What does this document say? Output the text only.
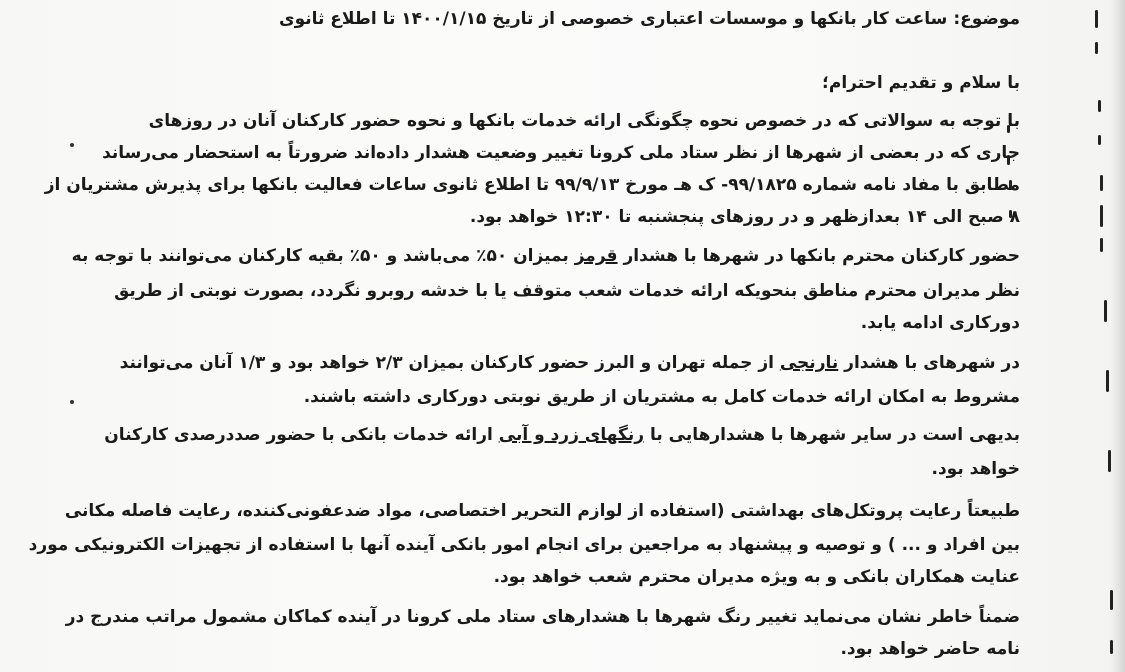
موضوع: ساعت کار بانکها و موسسات اعتباری خصوصی از تاریخ ۱۴۰۰/۱/۱۵ تا اطلاع ثانوی
با سلام و تقدیم احترام؛
با توجه به سوالاتی که در خصوص نحوه چگونگی ارائه خدمات بانکها و نحوه حضور کارکنان آنان در روزهای
جاری که در بعضی از شهرها از نظر ستاد ملی کرونا تغییر وضعیت هشدار داده‌اند ضرورتاً به استحضار می‌رساند
مطابق با مفاد نامه شماره ۹۹/۱۸۲۵- ک هـ مورخ ۹۹/۹/۱۳ تا اطلاع ثانوی ساعات فعالیت بانکها برای پذیرش مشتریان از
۸ صبح الی ۱۴ بعدازظهر و در روزهای پنجشنبه تا ۱۲:۳۰ خواهد بود.
حضور کارکنان محترم بانکها در شهرها با هشدار قرمز بمیزان ۵۰٪ می‌باشد و ۵۰٪ بقیه کارکنان می‌توانند با توجه به
نظر مدیران محترم مناطق بنحویکه ارائه خدمات شعب متوقف یا با خدشه روبرو نگردد، بصورت نوبتی از طریق
دورکاری ادامه یابد.
در شهرهای با هشدار نارنجی از جمله تهران و البرز حضور کارکنان بمیزان ۲/۳ خواهد بود و ۱/۳ آنان می‌توانند
مشروط به امکان ارائه خدمات کامل به مشتریان از طریق نوبتی دورکاری داشته باشند.
بدیهی است در سایر شهرها با هشدارهایی با رنگهای زرد و آبی ارائه خدمات بانکی با حضور صددرصدی کارکنان
خواهد بود.
طبیعتاً رعایت پروتکل‌های بهداشتی (استفاده از لوازم التحریر اختصاصی، مواد ضدعفونی‌کننده، رعایت فاصله مکانی
بین افراد و ... ) و توصیه و پیشنهاد به مراجعین برای انجام امور بانکی آینده آنها با استفاده از تجهیزات الکترونیکی مورد
عنایت همکاران بانکی و به ویژه مدیران محترم شعب خواهد بود.
ضمناً خاطر نشان می‌نماید تغییر رنگ شهرها با هشدارهای ستاد ملی کرونا در آینده کماکان مشمول مراتب مندرج در
نامه حاضر خواهد بود.
